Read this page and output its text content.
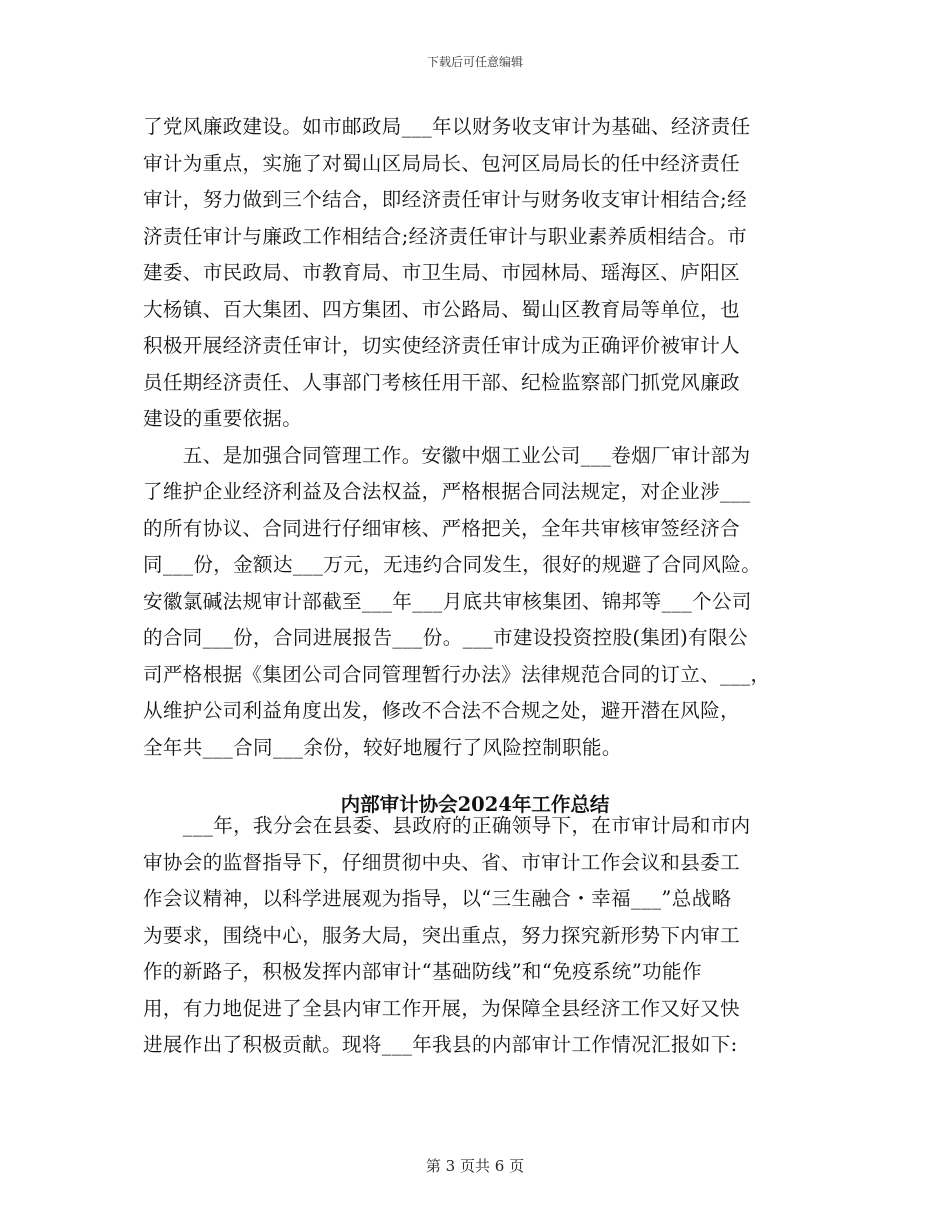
下载后可任意编辑
了党风廉政建设。如市邮政局___年以财务收支审计为基础、经济责任
审计为重点，实施了对蜀山区局局长、包河区局局长的任中经济责任
审计，努力做到三个结合，即经济责任审计与财务收支审计相结合;经
济责任审计与廉政工作相结合;经济责任审计与职业素养质相结合。市
建委、市民政局、市教育局、市卫生局、市园林局、瑶海区、庐阳区
大杨镇、百大集团、四方集团、市公路局、蜀山区教育局等单位，也
积极开展经济责任审计，切实使经济责任审计成为正确评价被审计人
员任期经济责任、人事部门考核任用干部、纪检监察部门抓党风廉政
建设的重要依据。
　　五、是加强合同管理工作。安徽中烟工业公司___卷烟厂审计部为
了维护企业经济利益及合法权益，严格根据合同法规定，对企业涉___
的所有协议、合同进行仔细审核、严格把关，全年共审核审签经济合
同___份，金额达___万元，无违约合同发生，很好的规避了合同风险。
安徽氯碱法规审计部截至___年___月底共审核集团、锦邦等___个公司
的合同___份，合同进展报告___份。___市建设投资控股(集团)有限公
司严格根据《集团公司合同管理暂行办法》法律规范合同的订立、___，
从维护公司利益角度出发，修改不合法不合规之处，避开潜在风险，
全年共___合同___余份，较好地履行了风险控制职能。
内部审计协会2024年工作总结
　　___年，我分会在县委、县政府的正确领导下，在市审计局和市内
审协会的监督指导下，仔细贯彻中央、省、市审计工作会议和县委工
作会议精神，以科学进展观为指导，以“三生融合・幸福___”总战略
为要求，围绕中心，服务大局，突出重点，努力探究新形势下内审工
作的新路子，积极发挥内部审计“基础防线”和“免疫系统”功能作
用，有力地促进了全县内审工作开展，为保障全县经济工作又好又快
进展作出了积极贡献。现将___年我县的内部审计工作情况汇报如下:
第 3 页共 6 页
